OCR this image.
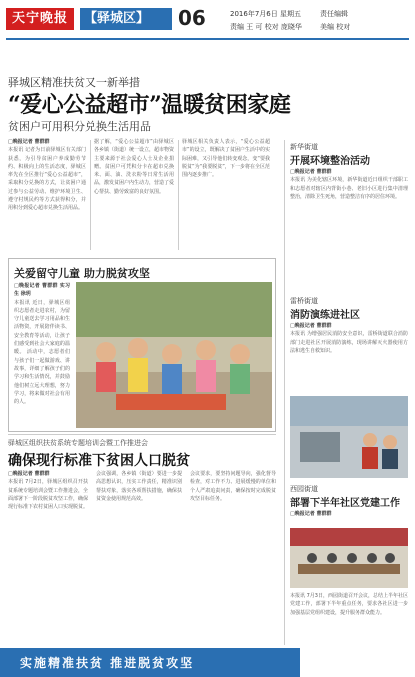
天宁晚报	【驿城区】	06	2016年7月6日 星期五
责编 王 可 校对 庞晓华
责任编辑
美编 校对
驿城区精准扶贫又一新举措
“爱心公益超市”温暖贫困家庭
贫困户可用积分兑换生活用品
□晚报记者 曹群群
本报讯 记者为日前驿城区有关部门获悉，为引导贫困户养成勤劳节约、积极向上的生活态度，驿城区率先在全区推行“爱心公益超市”，采取积分兑换的方式，让贫困户通过参与公益劳动、维护环境卫生、遵守村规民约等方式获得积分，并用积分到爱心超市兑换生活用品。
据了解，“爱心公益超市”由驿城区各乡镇（街道）统一设立，超市物资主要来源于社会爱心人士及企业捐赠。贫困户可凭积分卡在超市兑换米、面、油、洗衣粉等日常生活用品，激发贫困户内生动力，营造了爱心帮扶、勤劳致富的良好氛围。
驿城区相关负责人表示，“爱心公益超市”的设立，既解决了贫困户生活中的实际困难，又引导他们转变观念，变“要我脱贫”为“我要脱贫”，下一步将在全区范围内逐步推广。
关爱留守儿童 助力脱贫攻坚
□晚报记者 曹群群 实习生 徐玥
本报讯 近日，驿城区组织志愿者走进农村，为留守儿童送去学习用品和生活物资，开展陪伴读书、安全教育等活动，让孩子们感受到社会大家庭的温暖。 活动中，志愿者们与孩子们一起做游戏、讲故事，详细了解孩子们的学习和生活情况，并鼓励他们树立远大理想，努力学习，将来做对社会有用的人。
驿城区组织扶贫系统专题培训会暨工作推进会
确保现行标准下贫困人口脱贫
□晚报记者 曹群群
本报讯 7月2日，驿城区组织召开扶贫系统专题培训会暨工作推进会，全面部署下一阶段脱贫攻坚工作，确保现行标准下农村贫困人口实现脱贫。
会议强调，各乡镇（街道）要进一步提高思想认识，压实工作责任，精准识别帮扶对象，落实各项帮扶措施，确保扶贫资金使用规范高效。
会议要求，要坚持问题导向，强化督导检查，对工作不力、进展缓慢的单位和个人严肃追责问责，确保按时完成脱贫攻坚目标任务。
新华街道
开展环境整治活动
□晚报记者 曹群群
本报讯 为美化辖区环境，新华街道近日组织干部职工和志愿者对辖区内背街小巷、老旧小区进行集中清理整治，清除卫生死角，营造整洁有序的居住环境。
雷桥街道
消防演练进社区
□晚报记者 曹群群
本报讯 为增强居民消防安全意识，雷桥街道联合消防部门走进社区开展消防演练，现场讲解灭火器使用方法和逃生自救知识。
西园街道
部署下半年社区党建工作
□晚报记者 曹群群
本报讯 7月3日，西园街道召开会议，总结上半年社区党建工作，部署下半年重点任务，要求各社区进一步加强基层党组织建设，提升服务群众能力。
实施精准扶贫 推进脱贫攻坚
